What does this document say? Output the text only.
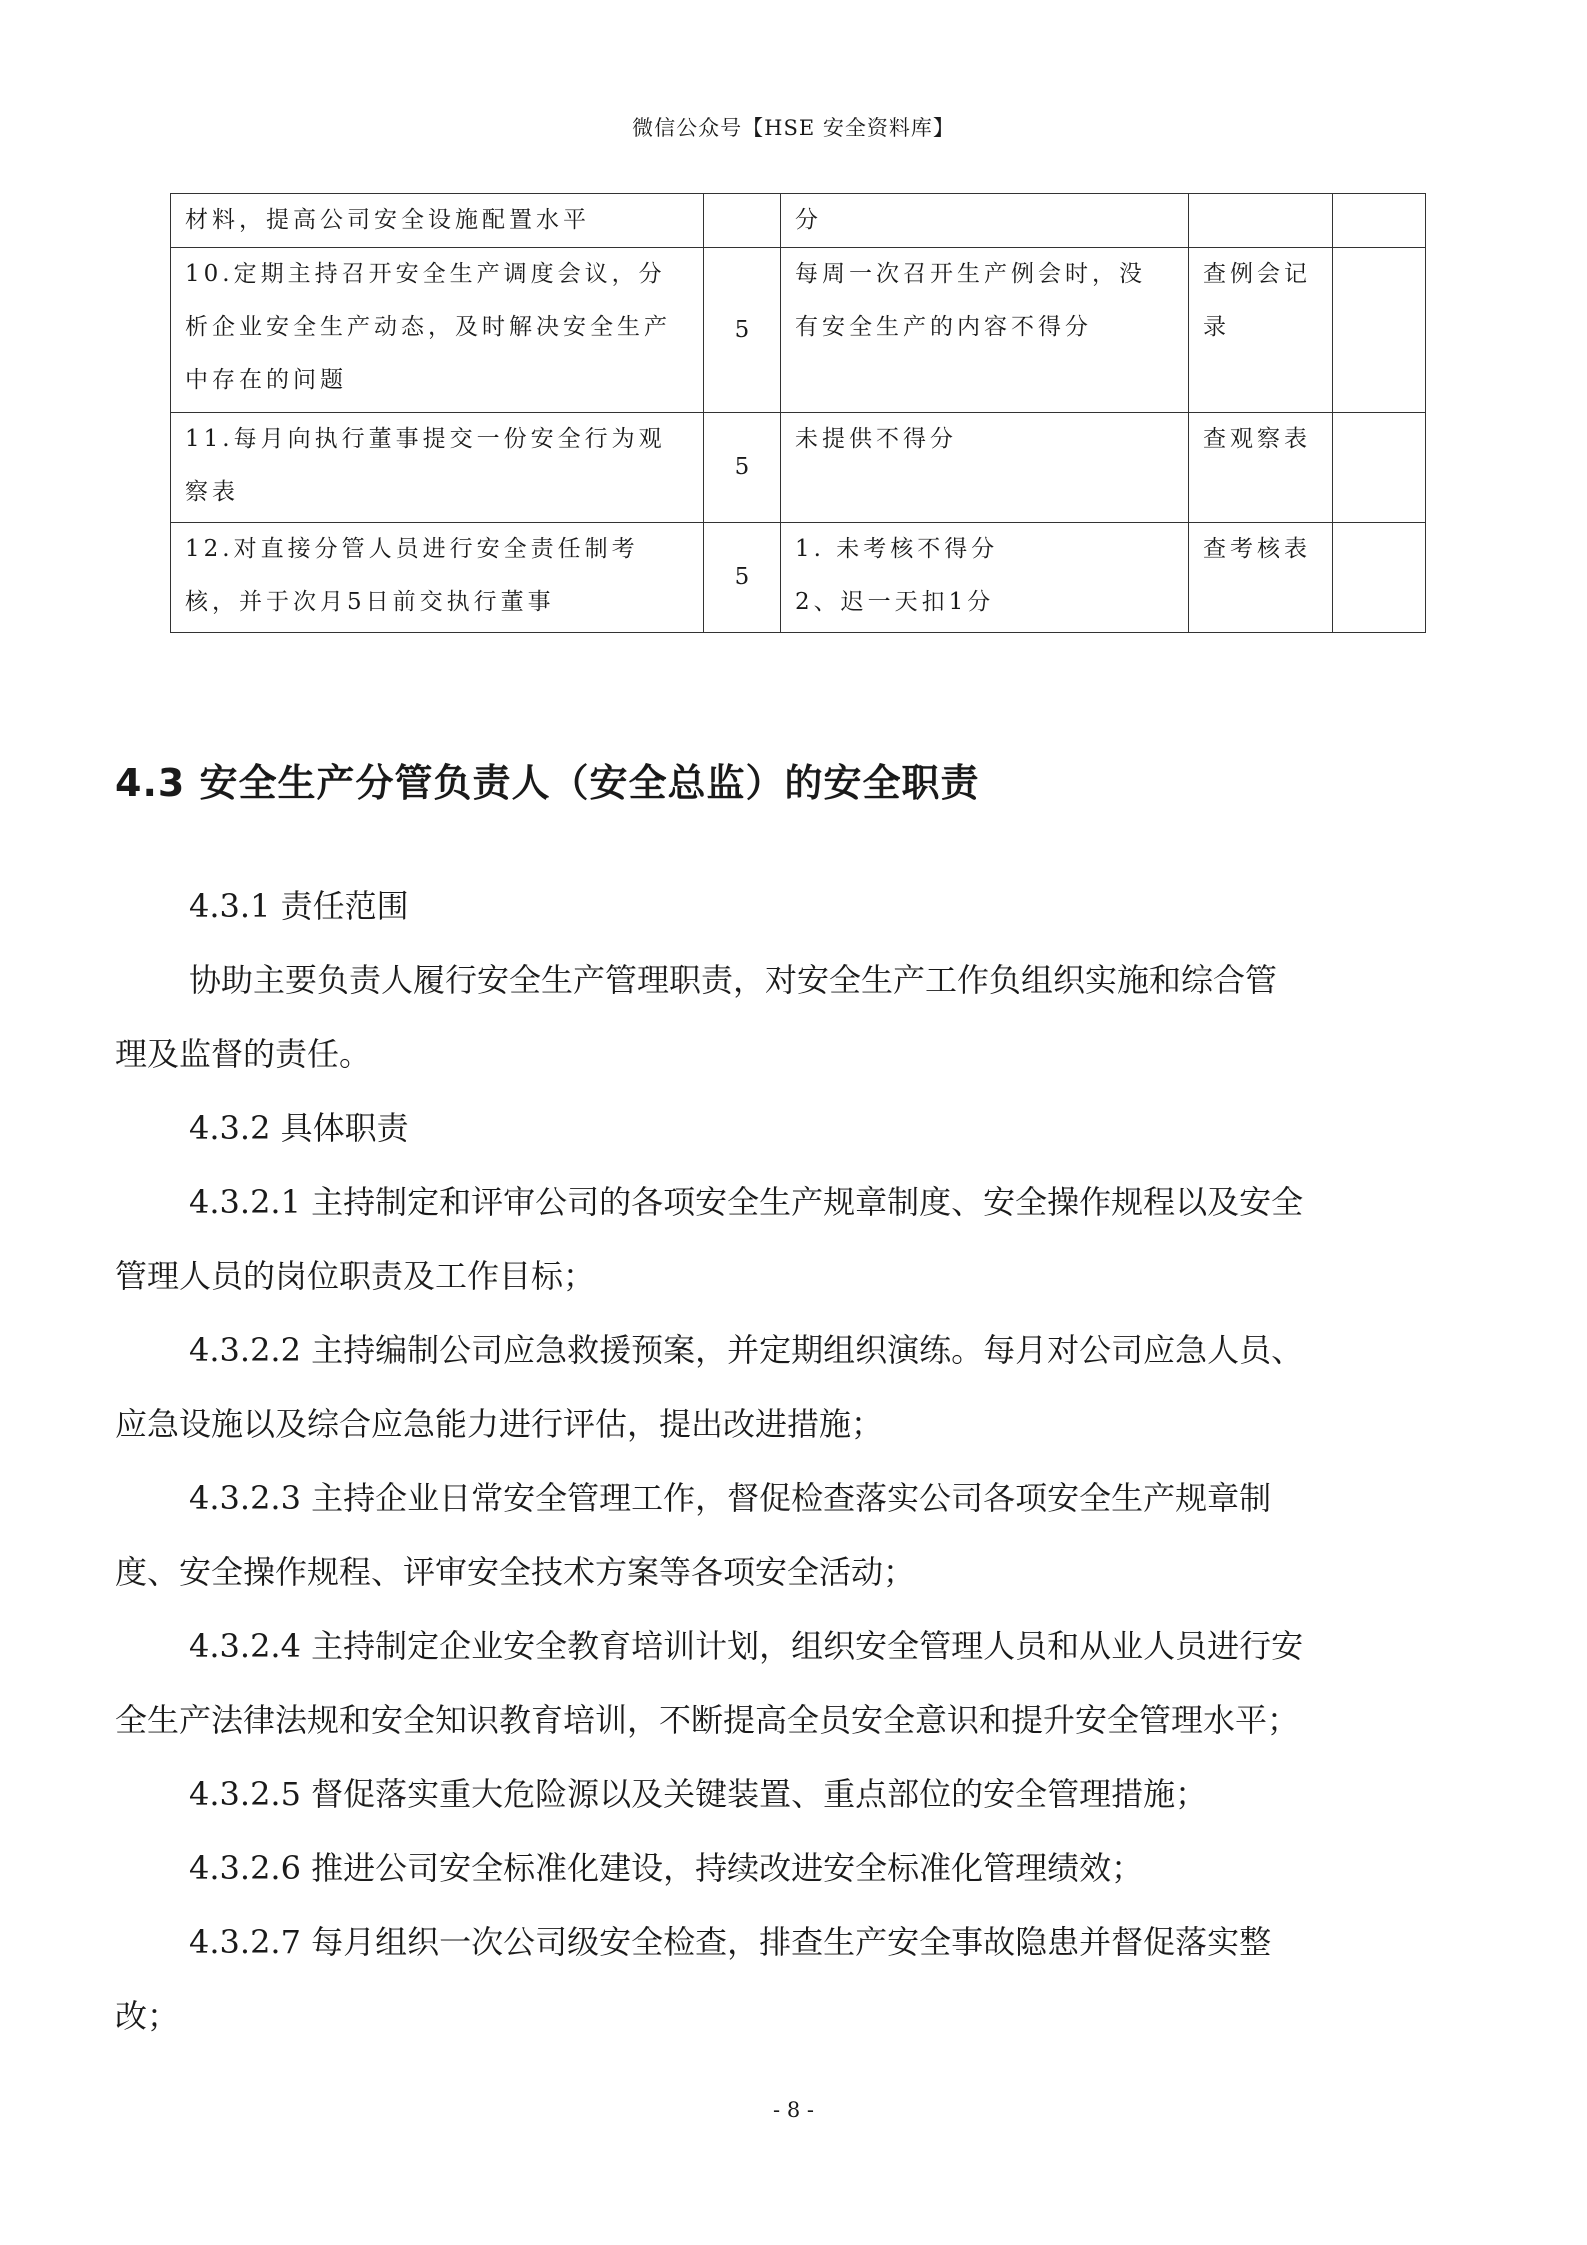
微信公众号【HSE 安全资料库】
材料，提高公司安全设施配置水平		分		

10.定期主持召开安全生产调度会议，分
析企业安全生产动态，及时解决安全生产
中存在的问题	5	每周一次召开生产例会时，没
有安全生产的内容不得分	查例会记
录	

11.每月向执行董事提交一份安全行为观
察表	5	未提供不得分	查观察表	

12.对直接分管人员进行安全责任制考
核，并于次月5日前交执行董事	5	1. 未考核不得分
2、迟一天扣1分	查考核表	

4.3 安全生产分管负责人（安全总监）的安全职责
4.3.1 责任范围
协助主要负责人履行安全生产管理职责，对安全生产工作负组织实施和综合管
理及监督的责任。
4.3.2 具体职责
4.3.2.1 主持制定和评审公司的各项安全生产规章制度、安全操作规程以及安全
管理人员的岗位职责及工作目标；
4.3.2.2 主持编制公司应急救援预案，并定期组织演练。每月对公司应急人员、
应急设施以及综合应急能力进行评估，提出改进措施；
4.3.2.3 主持企业日常安全管理工作，督促检查落实公司各项安全生产规章制
度、安全操作规程、评审安全技术方案等各项安全活动；
4.3.2.4 主持制定企业安全教育培训计划，组织安全管理人员和从业人员进行安
全生产法律法规和安全知识教育培训，不断提高全员安全意识和提升安全管理水平；
4.3.2.5 督促落实重大危险源以及关键装置、重点部位的安全管理措施；
4.3.2.6 推进公司安全标准化建设，持续改进安全标准化管理绩效；
4.3.2.7 每月组织一次公司级安全检查，排查生产安全事故隐患并督促落实整
改；
- 8 -
